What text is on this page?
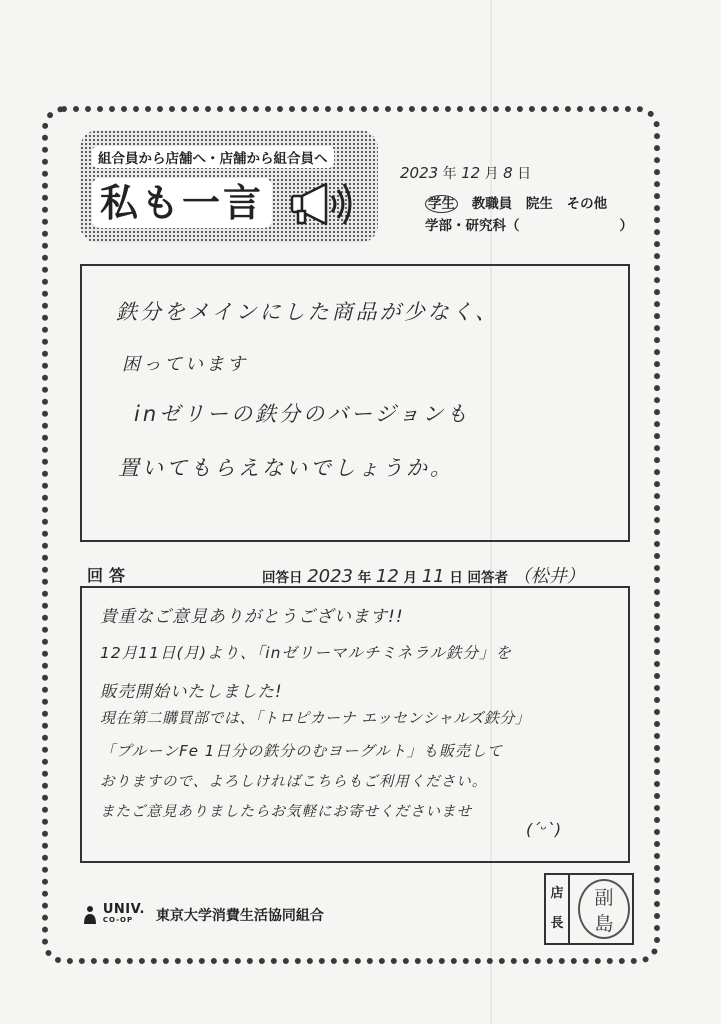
組合員から店舗へ・店舗から組合員へ
私も一言
2023 年 12 月 8 日
学生 教職員 院生 その他
学部・研究科（	）
鉄分をメインにした商品が少なく、
困っています
inゼリーの鉄分のバージョンも
置いてもらえないでしょうか。
回答	回答日 2023 年 12 月 11 日 回答者 （松井）
貴重なご意見ありがとうございます!!
12月11日(月)より、「inゼリーマルチミネラル鉄分」を
販売開始いたしました!
現在第二購買部では、「トロピカーナ エッセンシャルズ鉄分」
「プルーンFe 1日分の鉄分のむヨーグルト」も販売して
おりますので、よろしければこちらもご利用ください。
またご意見ありましたらお気軽にお寄せくださいませ
(´ᵕ`)

UNIV.
CO-OP	東京大学消費生活協同組合
店
長
副
島
